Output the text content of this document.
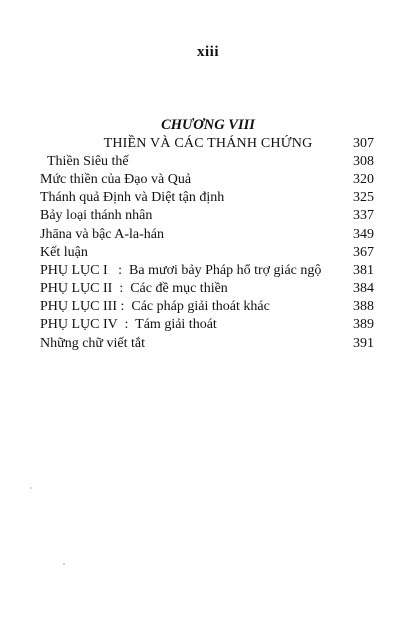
xiii
CHƯƠNG VIII
THIỀN VÀ CÁC THÁNH CHỨNG	307
Thiền Siêu thế	308
Mức thiền của Đạo và Quả	320
Thánh quả Định và Diệt tận định	325
Bảy loại thánh nhân	337
Jhāna và bậc A-la-hán	349
Kết luận	367
PHỤ LỤC I   :  Ba mươi bảy Pháp hổ trợ giác ngộ 381
PHỤ LỤC II  :  Các đề mục thiền	384
PHỤ LỤC III :  Các pháp giải thoát khác	388
PHỤ LỤC IV  :  Tám giải thoát	389
Những chữ viết tắt	391
